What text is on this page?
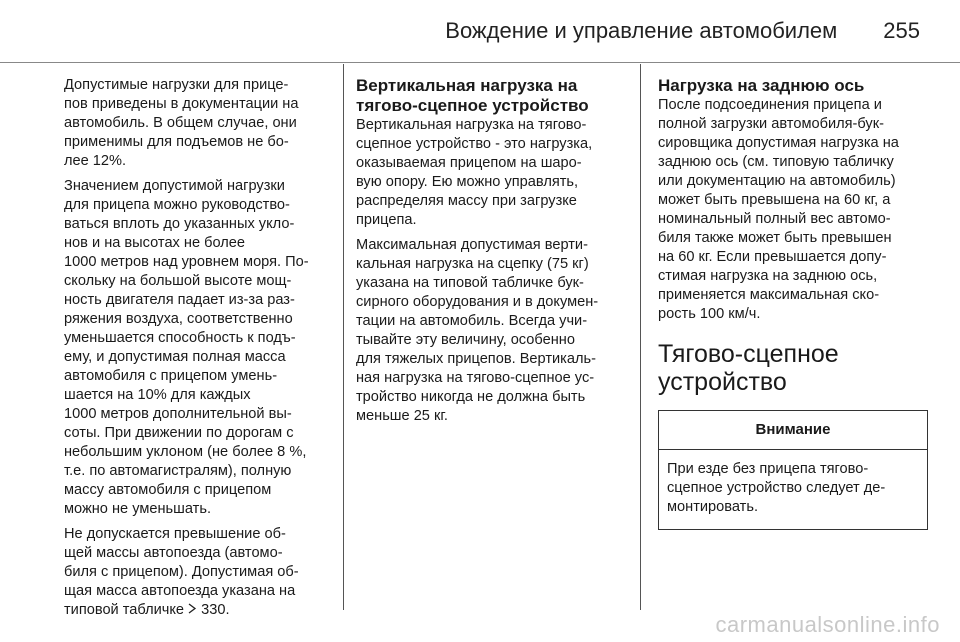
Вождение и управление автомобилем 255

Допустимые нагрузки для прице-
пов приведены в документации на
автомобиль. В общем случае, они
применимы для подъемов не бо-
лее 12%.

Значением допустимой нагрузки
для прицепа можно руководство-
ваться вплоть до указанных укло-
нов и на высотах не более
1000 метров над уровнем моря. По-
скольку на большой высоте мощ-
ность двигателя падает из-за раз-
ряжения воздуха, соответственно
уменьшается способность к подъ-
ему, и допустимая полная масса
автомобиля с прицепом умень-
шается на 10% для каждых
1000 метров дополнительной вы-
соты. При движении по дорогам с
небольшим уклоном (не более 8 %,
т.е. по автомагистралям), полную
массу автомобиля с прицепом
можно не уменьшать.

Не допускается превышение об-
щей массы автопоезда (автомо-
биля с прицепом). Допустимая об-
щая масса автопоезда указана на
типовой табличке 330.

Вертикальная нагрузка на
тягово-сцепное устройство

Вертикальная нагрузка на тягово-
сцепное устройство - это нагрузка,
оказываемая прицепом на шаро-
вую опору. Ею можно управлять,
распределяя массу при загрузке
прицепа.

Максимальная допустимая верти-
кальная нагрузка на сцепку (75 кг)
указана на типовой табличке бук-
сирного оборудования и в докумен-
тации на автомобиль. Всегда учи-
тывайте эту величину, особенно
для тяжелых прицепов. Вертикаль-
ная нагрузка на тягово-сцепное ус-
тройство никогда не должна быть
меньше 25 кг.

Нагрузка на заднюю ось

После подсоединения прицепа и
полной загрузки автомобиля-бук-
сировщика допустимая нагрузка на
заднюю ось (см. типовую табличку
или документацию на автомобиль)
может быть превышена на 60 кг, а
номинальный полный вес автомо-
биля также может быть превышен
на 60 кг. Если превышается допу-
стимая нагрузка на заднюю ось,
применяется максимальная ско-
рость 100 км/ч.

Тягово-сцепное
устройство
Внимание
При езде без прицепа тягово-
сцепное устройство следует де-
монтировать.
carmanualsonline.info
